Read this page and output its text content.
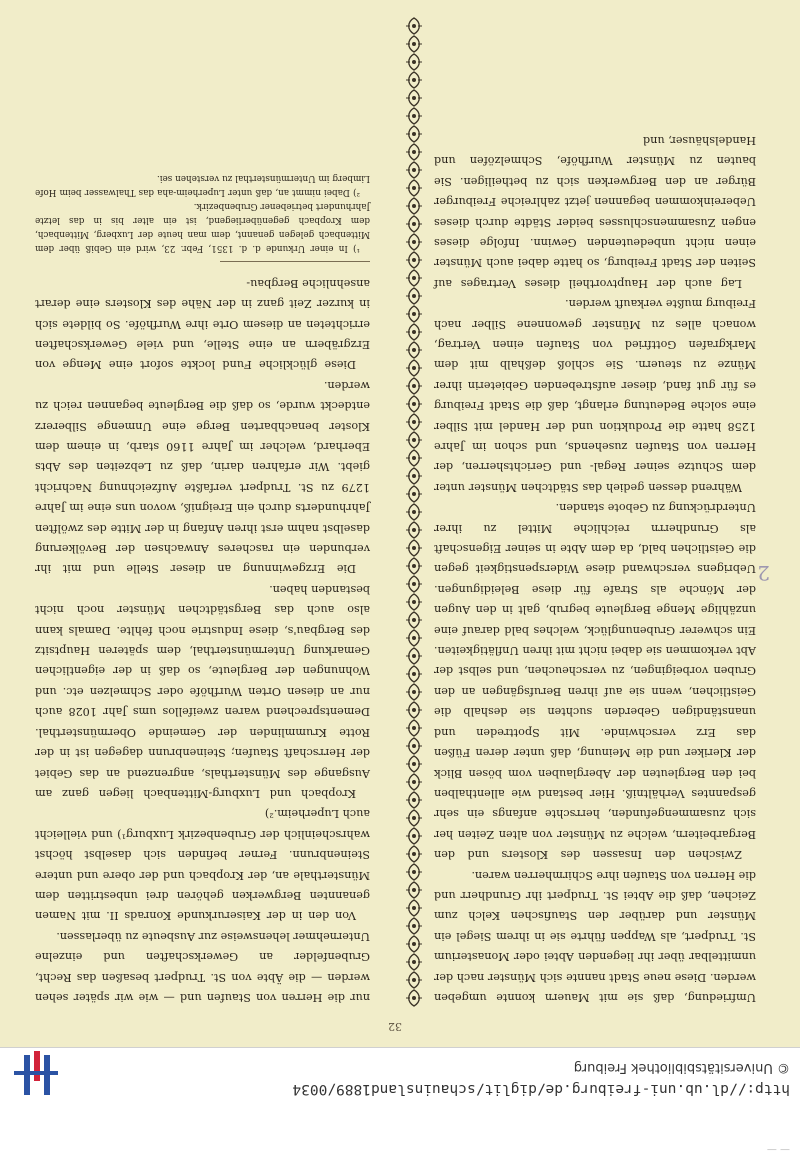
— —
http://dl.ub.uni-freiburg.de/diglit/schauinsland1889/0034
© Universitätsbibliothek Freiburg
32

Umfriedung, daß sie mit Mauern konnte umgeben werden. Diese neue Stadt nannte sich Münster nach der unmittelbar über ihr liegenden Abtei oder Monasterium St. Trudpert, als Wappen führte sie in ihrem Siegel ein Münster und darüber den Staufischen Kelch zum Zeichen, daß die Abtei St. Trudpert ihr Grundherr und die Herren von Staufen ihre Schirmherren waren.

Zwischen den Insassen des Klosters und den Bergarbeitern, welche zu Münster von alten Zeiten her sich zusammengefunden, herrschte anfangs ein sehr gespanntes Verhältniß. Hier bestand wie allenthalben bei den Bergleuten der Aberglauben vom bösen Blick der Kleriker und die Meinung, daß unter deren Füßen das Erz verschwinde. Mit Spottreden und unanständigen Geberden suchten sie deshalb die Geistlichen, wenn sie auf ihren Berufsgängen an den Gruben vorbeigingen, zu verscheuchen, und selbst der Abt verkommen sie dabei nicht mit ihren Unflätigkeiten. Ein schwerer Grubenunglück, welches bald darauf eine unzählige Menge Bergleute begrub, galt in den Augen der Mönche als Strafe für diese Beleidigungen. Uebrigens verschwand diese Widerspenstigkeit gegen die Geistlichen bald, da dem Abte in seiner Eigenschaft als Grundherrn reichliche Mittel zu ihrer Unterdrückung zu Gebote standen.

Während dessen gedieh das Städtchen Münster unter dem Schutze seiner Regal- und Gerichtsherren, der Herren von Staufen zusehends, und schon im Jahre 1258 hatte die Produktion und der Handel mit Silber eine solche Bedeutung erlangt, daß die Stadt Freiburg es für gut fand, dieser aufstrebenden Gebieterin ihrer Münze zu steuern. Sie schloß deßhalb mit dem Markgrafen Gottfried von Staufen einen Vertrag, wonach alles zu Münster gewonnene Silber nach Freiburg mußte verkauft werden.

Lag auch der Hauptvortheil dieses Vertrages auf Seiten der Stadt Freiburg, so hatte dabei auch Münster einen nicht unbedeutenden Gewinn. Infolge dieses engen Zusammenschlusses beider Städte durch dieses Uebereinkommen begannen jetzt zahlreiche Freiburger Bürger an den Bergwerken sich zu betheiligen. Sie bauten zu Münster Wurfhöfe, Schmelzöfen und Handelshäuser, und

nur die Herren von Staufen und — wie wir später sehen werden — die Äbte von St. Trudpert besaßen das Recht, Grubenfelder an Gewerkschaften und einzelne Unternehmer lehensweise zur Ausbeute zu überlassen.

Von den in der Kaiserurkunde Konrads II. mit Namen genannten Bergwerken gehören drei unbestritten dem Münsterthale an, der Kropbach und der obere und untere Steinenbrunn. Ferner befinden sich daselbst höchst wahrscheinlich der Grubenbezirk Luxburg¹) und vielleicht auch Luperheim.²)

Kropbach und Luxburg-Mittenbach liegen ganz am Ausgange des Münsterthals, angrenzend an das Gebiet der Herrschaft Staufen; Steinenbrunn dagegen ist in der Rotte Krummlinden der Gemeinde Obermünsterthal. Dementsprechend waren zweifellos ums Jahr 1028 auch nur an diesen Orten Wurfhöfe oder Schmelzen etc. und Wohnungen der Bergleute, so daß in der eigentlichen Gemarkung Untermünsterthal, dem späteren Hauptsitz des Bergbau's, diese Industrie noch fehlte. Damals kann also auch das Bergstädtchen Münster noch nicht bestanden haben.

Die Erzgewinnung an dieser Stelle und mit ihr verbunden ein rascheres Anwachsen der Bevölkerung daselbst nahm erst ihren Anfang in der Mitte des zwölften Jahrhunderts durch ein Ereigniß, wovon uns eine im Jahre 1279 zu St. Trudpert verfaßte Aufzeichnung Nachricht giebt. Wir erfahren darin, daß zu Lebzeiten des Abts Eberhard, welcher im Jahre 1160 starb, in einem dem Kloster benachbarten Berge eine Unmenge Silbererz entdeckt wurde, so daß die Bergleute begannen reich zu werden.

Diese glückliche Fund lockte sofort eine Menge von Erzgräbern an eine Stelle, und viele Gewerkschaften errichteten an diesem Orte ihre Wurfhöfe. So bildete sich in kurzer Zeit ganz in der Nähe des Klosters eine derart ansehnliche Bergbau-

¹) In einer Urkunde d. d. 1351, Febr. 23, wird ein Gebiß über dem Mittenbach gelegen genannt, dem man heute der Luxberg, Mittenbach, dem Kropbach gegenüberliegend, ist ein alter bis in das letzte Jahrhundert betriebener Grubenbezirk.

²) Dabei nimmt an, daß unter Luperheim-aha das Thalwasser beim Hofe Limberg im Untermünsterthal zu verstehen sei.

2
